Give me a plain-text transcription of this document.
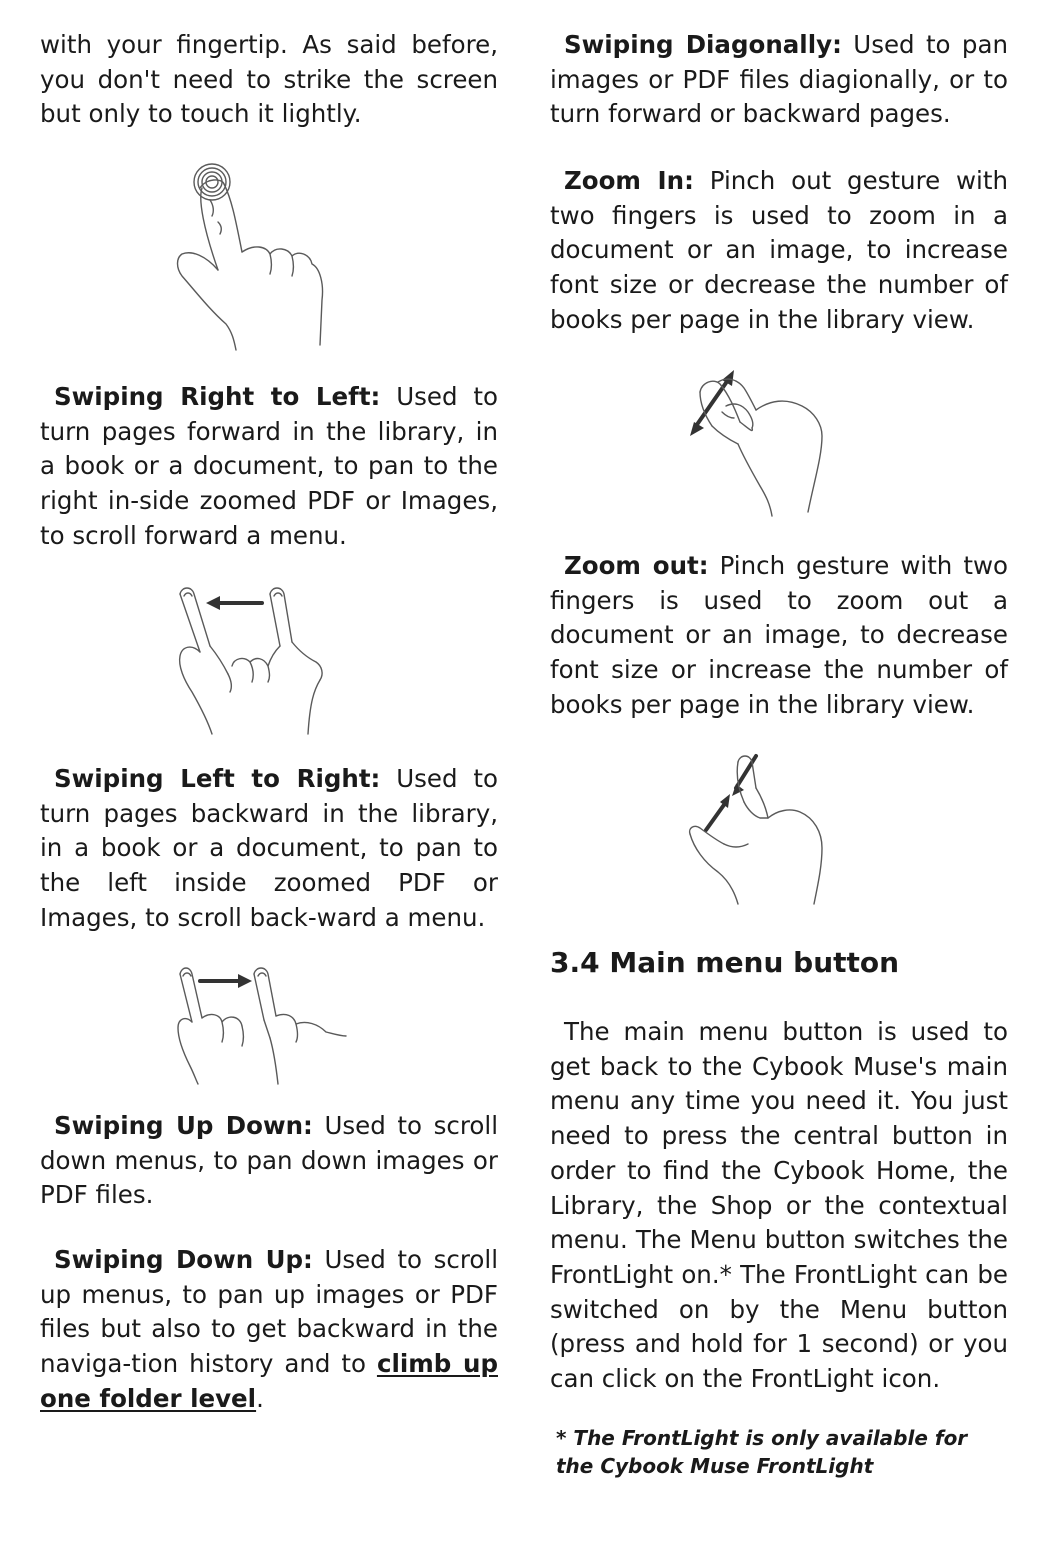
with your fingertip. As said before, you don't need to strike the screen but only to touch it lightly.

Swiping Right to Left: Used to turn pages forward in the library, in a book or a document, to pan to the right in-side zoomed PDF or Images, to scroll forward a menu.

Swiping Left to Right: Used to turn pages backward in the library, in a book or a document, to pan to the left inside zoomed PDF or Images, to scroll back-ward a menu.

Swiping Up Down: Used to scroll down menus, to pan down images or PDF files.

Swiping Down Up: Used to scroll up menus, to pan up images or PDF files but also to get backward in the naviga-tion history and to climb up one folder level.

Swiping Diagonally: Used to pan images or PDF files diagionally, or to turn forward or backward pages.

Zoom In: Pinch out gesture with two fingers is used to zoom in a document or an image, to increase font size or decrease the number of books per page in the library view.

Zoom out: Pinch gesture with two fingers is used to zoom out a document or an image, to decrease font size or increase the number of books per page in the library view.

3.4 Main menu button

The main menu button is used to get back to the Cybook Muse's main menu any time you need it. You just need to press the central button in order to find the Cybook Home, the Library, the Shop or the contextual menu. The Menu button switches the FrontLight on.* The FrontLight can be switched on by the Menu button (press and hold for 1 second) or you can click on the FrontLight icon.

* The FrontLight is only available for the Cybook Muse FrontLight
